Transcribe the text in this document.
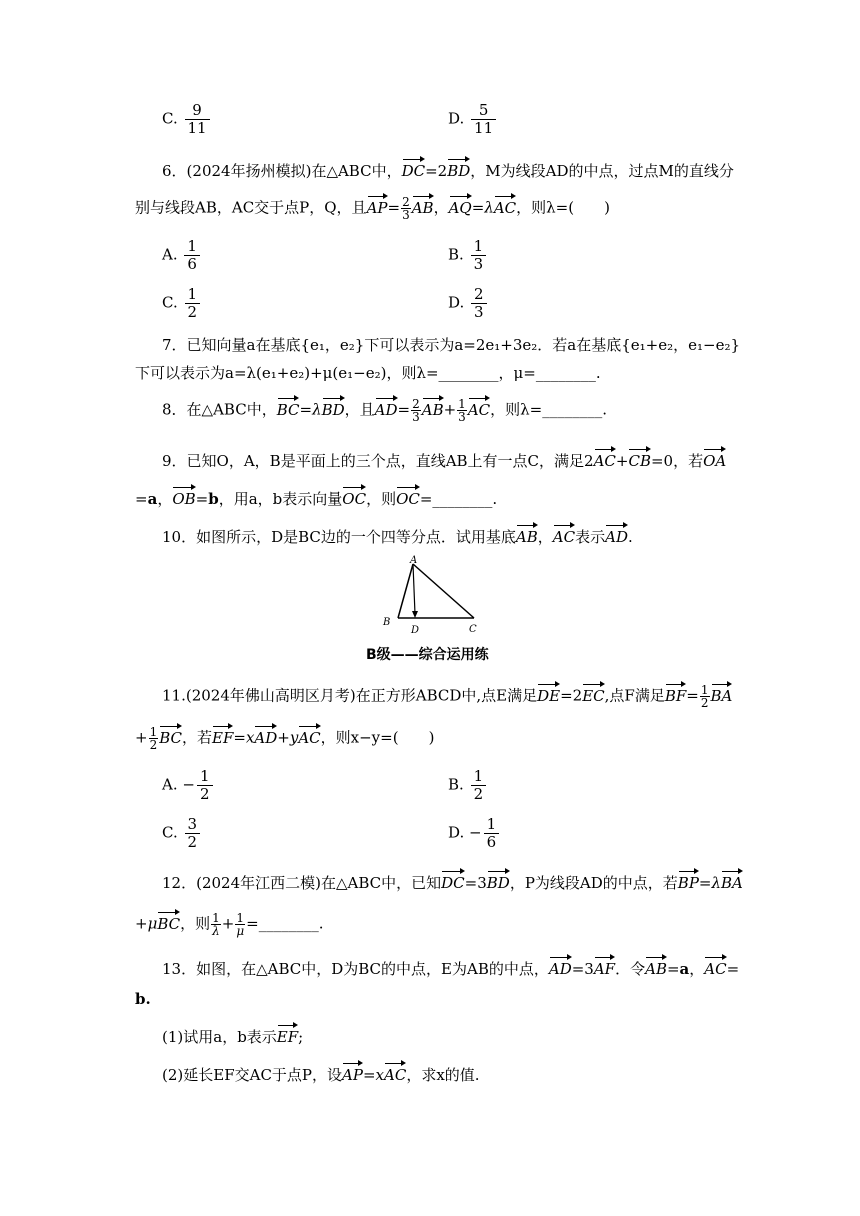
C. $\frac{9}{11}$	D. $\frac{5}{11}$
6．(2024年扬州模拟)在△ABC中，DC=2BD，M为线段AD的中点，过点M的直线分
别与线段AB，AC交于点P，Q，且$AP= \frac{2}{3}$ AB，AQ=λAC，则λ=(　　)
A. $\frac{1}{6}$	B. $\frac{1}{3}$
C. $\frac{1}{2}$	D. $\frac{2}{3}$
7．已知向量a在基底{e₁，e₂}下可以表示为a=2e₁+3e₂．若a在基底{e₁+e₂，e₁−e₂}
下可以表示为a=λ(e₁+e₂)+μ(e₁−e₂)，则λ=________，μ=________.
8．在△ABC中，BC=λBD，且$AD= \frac{2}{3} AB+ \frac{1}{3}$ AC，则λ=________.
9．已知O，A，B是平面上的三个点，直线AB上有一点C，满足2AC+CB=0，若OA
=a，OB=b，用a，b表示向量OC，则OC=________.
10．如图所示，D是BC边的一个四等分点．试用基底AB，AC表示AD.
A
B
D	C
B级——综合运用练
11.(2024年佛山高明区月考)在正方形ABCD中,点E满足DE=2EC,点F满足$BF= \frac{1}{2}$ BA
+ $\frac{1}{2}$ BC，若EF=xAD+yAC，则x−y=(　　)
A. − $\frac{1}{2}$	B. $\frac{1}{2}$
C. $\frac{3}{2}$	D. − $\frac{1}{6}$
12．(2024年江西二模)在△ABC中，已知DC=3BD，P为线段AD的中点，若BP=λBA
+μBC，则 $\frac{1}{\lambda} + \frac{1}{\mu}$ =________.
13．如图，在△ABC中，D为BC的中点，E为AB的中点，AD=3AF．令AB=a，AC=
b.
(1)试用a，b表示EF;
(2)延长EF交AC于点P，设AP=xAC，求x的值.
